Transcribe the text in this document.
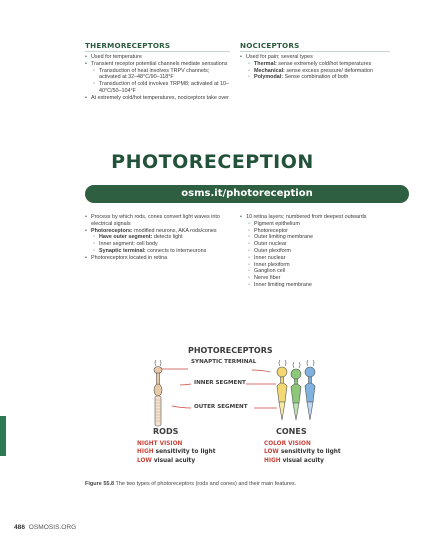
THERMORECEPTORS
• Used for temperature
• Transient receptor potential channels mediate sensations
◦ Transduction of heat involves TRPV channels; activated at 32–48°C/90–118°F
◦ Transduction of cold involves TRPM8; activated at 10–40°C/50–104°F
• At extremely cold/hot temperatures, nociceptors take over
NOCICEPTORS
• Used for pain; several types
◦ Thermal: sense extremely cold/hot temperatures
◦ Mechanical: sense excess pressure/ deformation
◦ Polymodal: Sense combination of both
PHOTORECEPTION
osms.it/photoreception
• Process by which rods, cones convert light waves into electrical signals
• Photoreceptors: modified neurons, AKA rods/cones
◦ Have outer segment: detects light
◦ Inner segment: cell body
◦ Synaptic terminal: connects to interneurons
• Photoreceptors located in retina
• 10 retina layers; numbered from deepest outwards
◦ Pigment epithelium
◦ Photoreceptor
◦ Outer limiting membrane
◦ Outer nuclear
◦ Outer plexiform
◦ Inner nuclear
◦ Inner plexiform
◦ Ganglion cell
◦ Nerve fiber
◦ Inner limiting membrane
PHOTORECEPTORS
SYNAPTIC TERMINAL
INNER SEGMENT
OUTER SEGMENT
RODS
NIGHT VISION
HIGH sensitivity to light
LOW visual acuity
CONES
COLOR VISION
LOW sensitivity to light
HIGH visual acuity
Figure 55.8 The two types of photoreceptors (rods and cones) and their main features.
486 OSMOSIS.ORG
